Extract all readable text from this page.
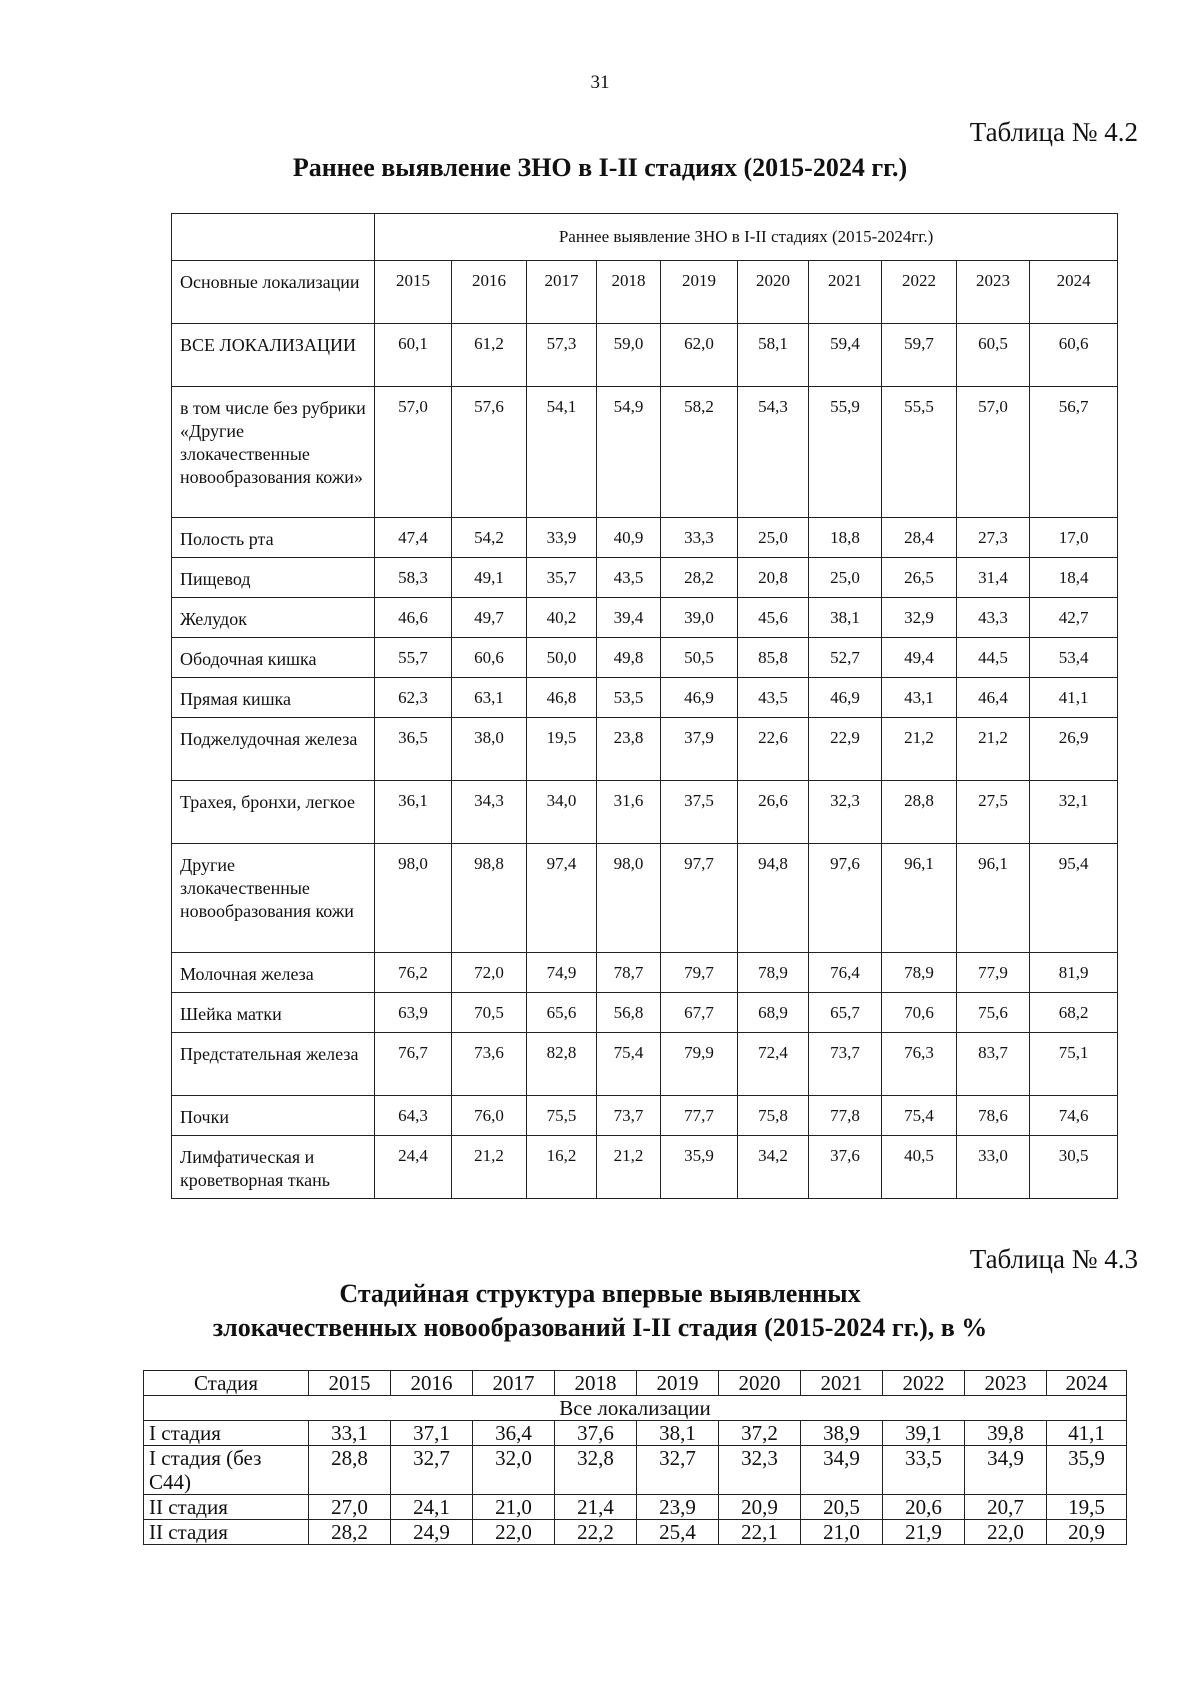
31
Таблица № 4.2
Раннее выявление ЗНО в I-II стадиях (2015-2024 гг.)
	Раннее выявление ЗНО в I-II стадиях (2015-2024гг.)									
Основные локализации	2015	2016	2017	2018	2019	2020	2021	2022	2023	2024
ВСЕ ЛОКАЛИЗАЦИИ	60,1	61,2	57,3	59,0	62,0	58,1	59,4	59,7	60,5	60,6
в том числе без рубрики «Другие злокачественные новообразования кожи»	57,0	57,6	54,1	54,9	58,2	54,3	55,9	55,5	57,0	56,7
Полость рта	47,4	54,2	33,9	40,9	33,3	25,0	18,8	28,4	27,3	17,0
Пищевод	58,3	49,1	35,7	43,5	28,2	20,8	25,0	26,5	31,4	18,4
Желудок	46,6	49,7	40,2	39,4	39,0	45,6	38,1	32,9	43,3	42,7
Ободочная кишка	55,7	60,6	50,0	49,8	50,5	85,8	52,7	49,4	44,5	53,4
Прямая кишка	62,3	63,1	46,8	53,5	46,9	43,5	46,9	43,1	46,4	41,1
Поджелудочная железа	36,5	38,0	19,5	23,8	37,9	22,6	22,9	21,2	21,2	26,9
Трахея, бронхи, легкое	36,1	34,3	34,0	31,6	37,5	26,6	32,3	28,8	27,5	32,1
Другие злокачественные новообразования кожи	98,0	98,8	97,4	98,0	97,7	94,8	97,6	96,1	96,1	95,4
Молочная железа	76,2	72,0	74,9	78,7	79,7	78,9	76,4	78,9	77,9	81,9
Шейка матки	63,9	70,5	65,6	56,8	67,7	68,9	65,7	70,6	75,6	68,2
Предстательная железа	76,7	73,6	82,8	75,4	79,9	72,4	73,7	76,3	83,7	75,1
Почки	64,3	76,0	75,5	73,7	77,7	75,8	77,8	75,4	78,6	74,6
Лимфатическая и кроветворная ткань	24,4	21,2	16,2	21,2	35,9	34,2	37,6	40,5	33,0	30,5
Таблица № 4.3
Стадийная структура впервые выявленных
злокачественных новообразований I-II стадия (2015-2024 гг.), в %
Стадия	2015	2016	2017	2018	2019	2020	2021	2022	2023	2024
Все локализации										
I стадия	33,1	37,1	36,4	37,6	38,1	37,2	38,9	39,1	39,8	41,1
I стадия (без С44)	28,8	32,7	32,0	32,8	32,7	32,3	34,9	33,5	34,9	35,9
II стадия	27,0	24,1	21,0	21,4	23,9	20,9	20,5	20,6	20,7	19,5
II стадия	28,2	24,9	22,0	22,2	25,4	22,1	21,0	21,9	22,0	20,9
